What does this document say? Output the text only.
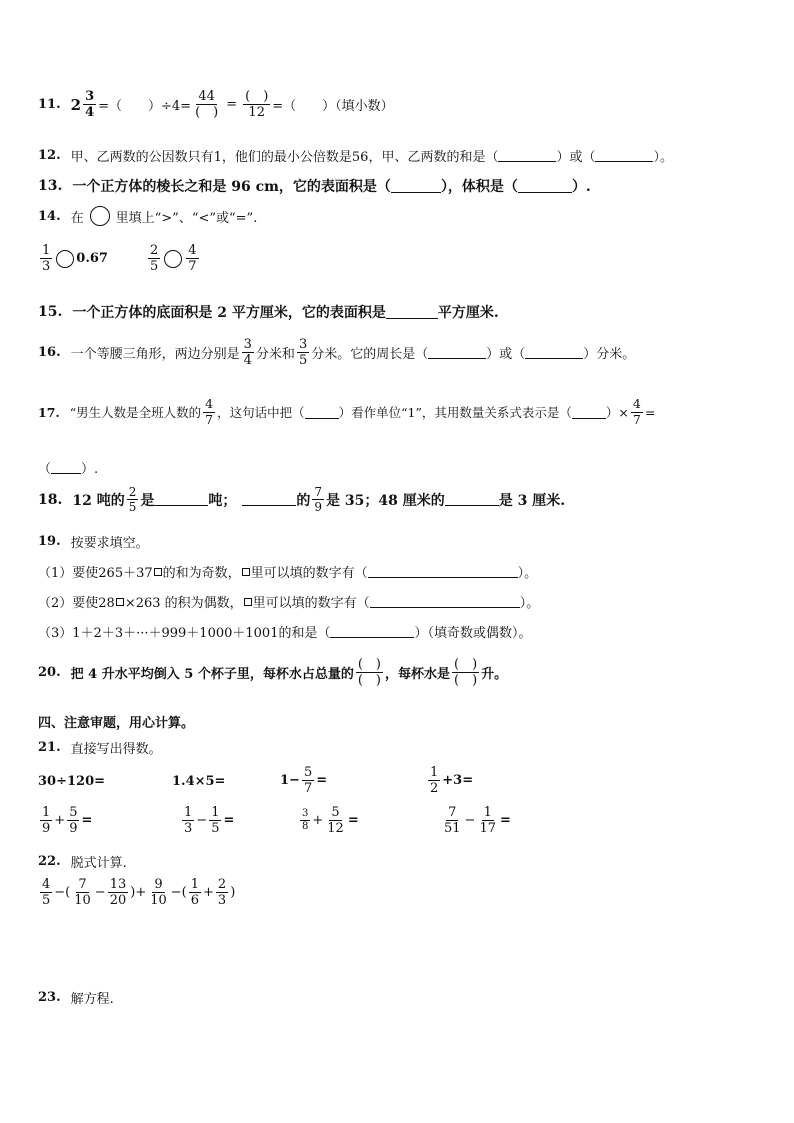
11. $2 \frac{3}{4}$ =（　　）$\div 4= \frac{44}{( )} = \frac{( )}{12}$ =（　　）（填小数）
12. 甲、乙两数的公因数只有1，他们的最小公倍数是56，甲、乙两数的和是（	）或（	）。
13. 一个正方体的棱长之和是 96 cm，它的表面积是（	），体积是（	）.
14. 在 里填上“>”、“<”或“=”.
$\frac{1}{3} 0.67$	$\frac{2}{5} \frac{4}{7}$
15. 一个正方体的底面积是 2 平方厘米，它的表面积是	平方厘米.
16. 一个等腰三角形，两边分别是 $\frac{3}{4}$ 分米和 $\frac{3}{5}$ 分米。它的周长是（	）或（	）分米。
17. “男生人数是全班人数的 $\frac{4}{7}$ ，这句话中把（	）看作单位“1”，其用数量关系式表示是（	）× $\frac{4}{7}$ =
（ ）.
18. 12 吨的 $\frac{2}{5}$ 是	吨；	的 $\frac{7}{9}$ 是 35；48 厘米的	是 3 厘米.
19. 按要求填空。
（1）要使265＋37 的和为奇数， 里可以填的数字有（	）。
（2）要使28 ×263 的积为偶数， 里可以填的数字有（	）。
（3）1＋2＋3＋···＋999＋1000＋1001的和是（	）（填奇数或偶数）。
20. 把 4 升水平均倒入 5 个杯子里，每杯水占总量的 $\frac{( )}{( )}$ ，每杯水是 $\frac{( )}{( )}$ 升。
四、注意审题，用心计算。
21. 直接写出得数。
30÷120=	1.4×5=	$1- \frac{5}{7}$ =	$\frac{1}{2} +3=$
$\frac{1}{9} + \frac{5}{9}$ =	$\frac{1}{3} - \frac{1}{5}$ =	$\frac{3}{8} + \frac{5}{12}$ =	$\frac{7}{51} - \frac{1}{17}$ =
22. 脱式计算.
$\frac{4}{5}$ −( $\frac{7}{10} - \frac{13}{20}$ )+ $\frac{9}{10}$ −( $\frac{1}{6} + \frac{2}{3}$ )
23. 解方程.
